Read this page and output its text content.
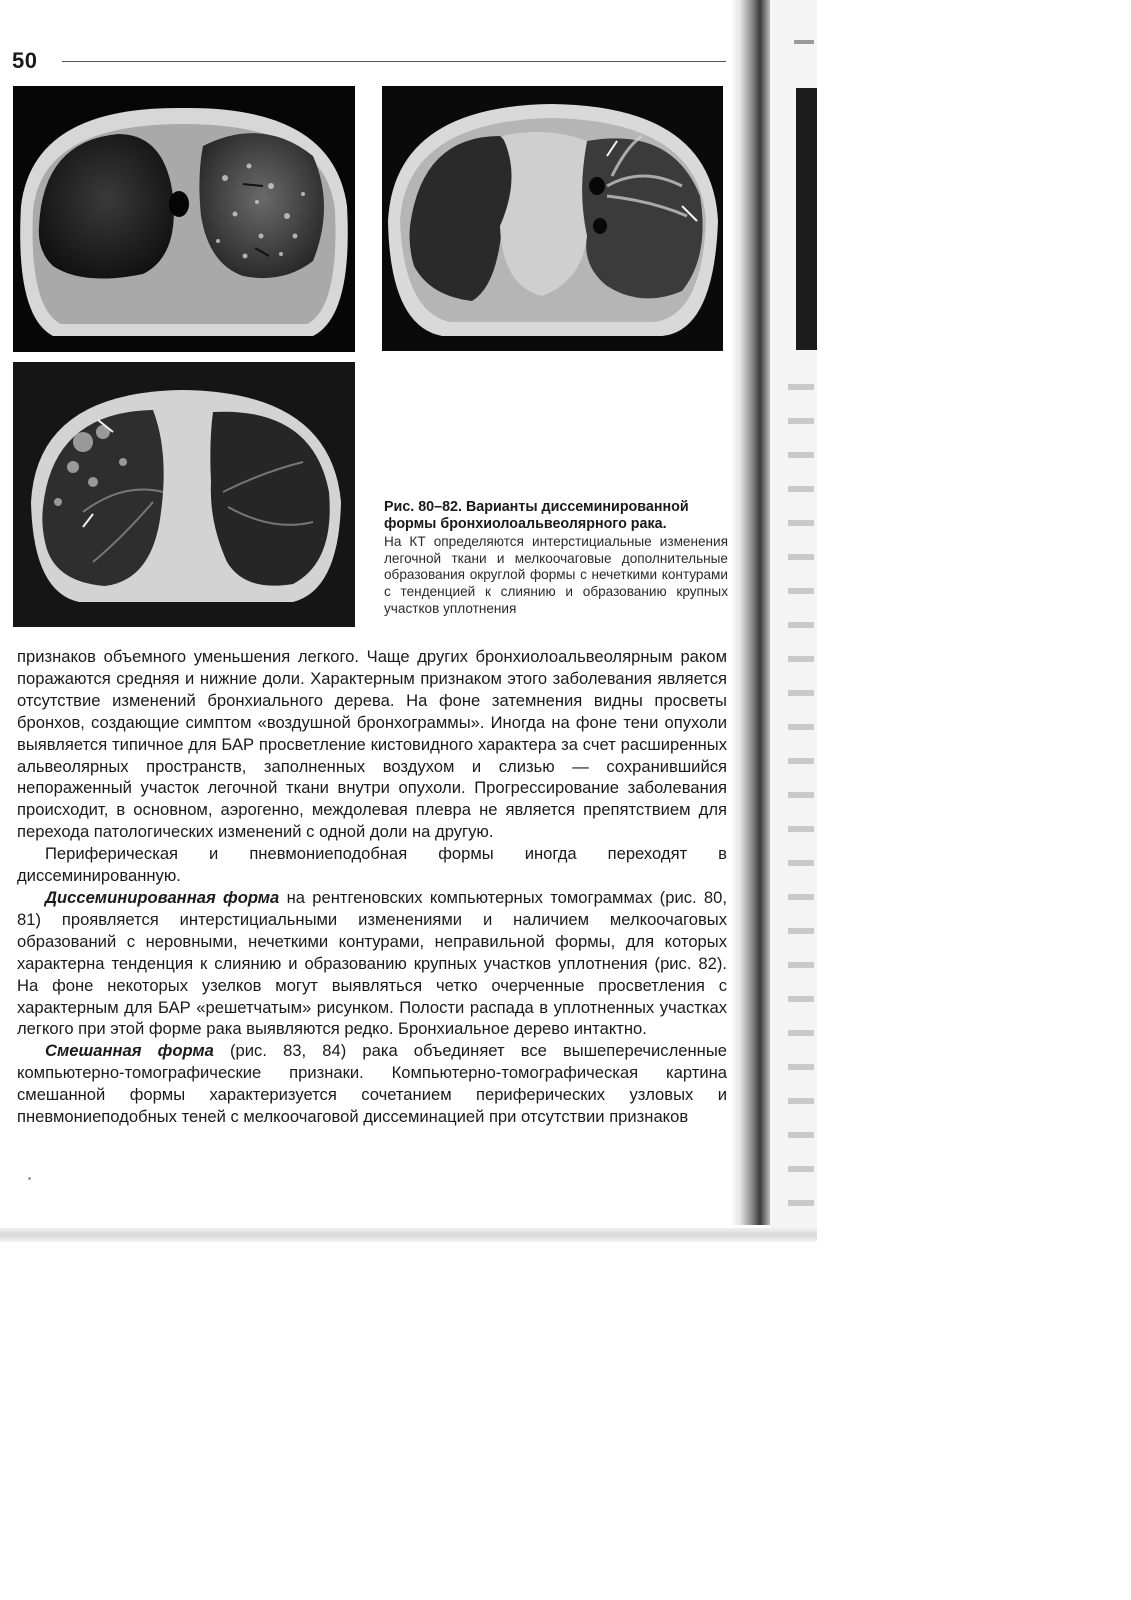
50

Рис. 80–82. Варианты диссеминированной формы бронхиолоальвеолярного рака.

На КТ определяются интерстициальные изменения легочной ткани и мелкоочаговые дополнительные образования округлой формы с нечеткими контурами с тенденцией к слиянию и образованию крупных участков уплотнения

признаков объемного уменьшения легкого. Чаще других бронхиолоальвеолярным раком поражаются средняя и нижние доли. Характерным признаком этого заболевания является отсутствие изменений бронхиального дерева. На фоне затемнения видны просветы бронхов, создающие симптом «воздушной бронхограммы». Иногда на фоне тени опухоли выявляется типичное для БАР просветление кистовидного характера за счет расширенных альвеолярных пространств, заполненных воздухом и слизью — сохранившийся непораженный участок легочной ткани внутри опухоли. Прогрессирование заболевания происходит, в основном, аэрогенно, междолевая плевра не является препятствием для перехода патологических изменений с одной доли на другую.

Периферическая и пневмониеподобная формы иногда переходят в диссеминированную.

Диссеминированная форма на рентгеновских компьютерных томограммах (рис. 80, 81) проявляется интерстициальными изменениями и наличием мелкоочаговых образований с неровными, нечеткими контурами, неправильной формы, для которых характерна тенденция к слиянию и образованию крупных участков уплотнения (рис. 82). На фоне некоторых узелков могут выявляться четко очерченные просветления с характерным для БАР «решетчатым» рисунком. Полости распада в уплотненных участках легкого при этой форме рака выявляются редко. Бронхиальное дерево интактно.

Смешанная форма (рис. 83, 84) рака объединяет все вышеперечисленные компьютерно-томографические признаки. Компьютерно-томографическая картина смешанной формы характеризуется сочетанием периферических узловых и пневмониеподобных теней с мелкоочаговой диссеминацией при отсутствии признаков
